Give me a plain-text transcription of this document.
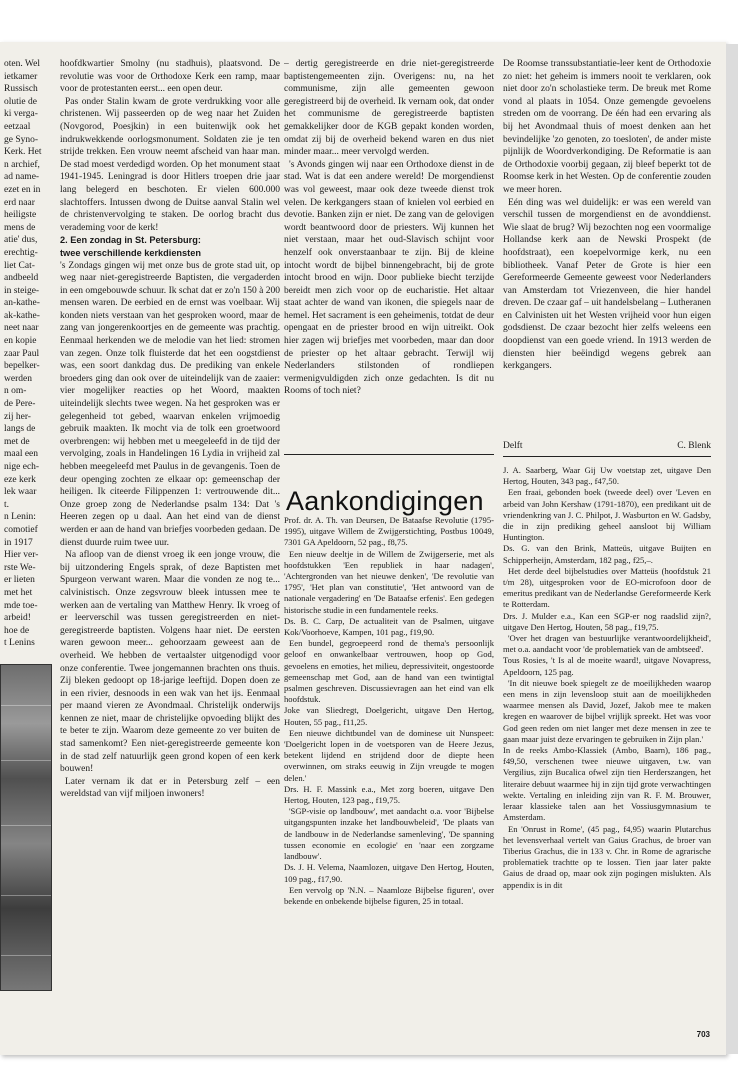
oten. Wel
ietkamer
Russisch
olutie de
ki verga-
eetzaal
ge Syno-
Kerk. Het
n archief,
ad name-
ezet en in
erd naar
heiligste
mens de
atie' dus,
erechtig-
liet Cat-
andbeeld
in steige-
an-kathe-
ak-kathe-
neet naar
en kopie
zaar Paul
bepelker-
werden
n om-
de Pere-
zij her-
langs de
met de
maal een
nige ech-
eze kerk
lek waar
t.
n Lenin:
comotief
in 1917
Hier ver-
rste We-
er lieten
met het
mde toe-
arbeid!
hoe de
t Lenins

hoofdkwartier Smolny (nu stadhuis), plaatsvond. De revolutie was voor de Orthodoxe Kerk een ramp, maar voor de protestanten eerst... een open deur.

Pas onder Stalin kwam de grote verdrukking voor alle christenen. Wij passeerden op de weg naar het Zuiden (Novgorod, Poesjkin) in een buitenwijk ook het indrukwekkende oorlogsmonument. Soldaten zie je ten strijde trekken. Een vrouw neemt afscheid van haar man. De stad moest verdedigd worden. Op het monument staat 1941-1945. Leningrad is door Hitlers troepen drie jaar lang belegerd en beschoten. Er vielen 600.000 slachtoffers. Intussen dwong de Duitse aanval Stalin wel de christenvervolging te staken. De oorlog bracht dus verademing voor de kerk!

2. Een zondag in St. Petersburg:
twee verschillende kerkdiensten

's Zondags gingen wij met onze bus de grote stad uit, op weg naar niet-geregistreerde Baptisten, die vergaderden in een omgebouwde schuur. Ik schat dat er zo'n 150 à 200 mensen waren. De eerbied en de ernst was voelbaar. Wij konden niets verstaan van het gesproken woord, maar de zang van jongerenkoortjes en de gemeente was prachtig. Eenmaal herkenden we de melodie van het lied: stromen van zegen. Onze tolk fluisterde dat het een oogstdienst was, een soort dankdag dus. De prediking van enkele broeders ging dan ook over de uiteindelijk van de zaaier: vier mogelijker reacties op het Woord, maakten uiteindelijk slechts twee wegen. Na het gesproken was er gelegenheid tot gebed, waarvan enkelen vrijmoedig gebruik maakten. Ik mocht via de tolk een groetwoord overbrengen: wij hebben met u meegeleefd in de tijd der vervolging, zoals in Handelingen 16 Lydia in vrijheid zal hebben meegeleefd met Paulus in de gevangenis. Toen de deur openging zochten ze elkaar op: gemeenschap der heiligen. Ik citeerde Filippenzen 1: vertrouwende dit... Onze groep zong de Nederlandse psalm 134: Dat 's Heeren zegen op u daal. Aan het eind van de dienst werden er aan de hand van briefjes voorbeden gedaan. De dienst duurde ruim twee uur.

Na afloop van de dienst vroeg ik een jonge vrouw, die bij uitzondering Engels sprak, of deze Baptisten met Spurgeon verwant waren. Maar die vonden ze nog te... calvinistisch. Onze zegsvrouw bleek intussen mee te werken aan de vertaling van Matthew Henry. Ik vroeg of er leerverschil was tussen geregistreerden en niet-geregistreerde baptisten. Volgens haar niet. De eersten waren gewoon meer... gehoorzaam geweest aan de overheid. We hebben de vertaalster uitgenodigd voor onze conferentie. Twee jongemannen brachten ons thuis. Zij bleken gedoopt op 18-jarige leeftijd. Dopen doen ze in een rivier, desnoods in een wak van het ijs. Eenmaal per maand vieren ze Avondmaal. Christelijk onderwijs kennen ze niet, maar de christelijke opvoeding blijkt des te beter te zijn. Waarom deze gemeente zo ver buiten de stad samenkomt? Een niet-geregistreerde gemeente kon in de stad zelf natuurlijk geen grond kopen of een kerk bouwen!

Later vernam ik dat er in Petersburg zelf – een wereldstad van vijf miljoen inwoners!

– dertig geregistreerde en drie niet-geregistreerde baptistengemeenten zijn. Overigens: nu, na het communisme, zijn alle gemeenten gewoon geregistreerd bij de overheid. Ik vernam ook, dat onder het communisme de geregistreerde baptisten gemakkelijker door de KGB gepakt konden worden, omdat zij bij de overheid bekend waren en dus niet minder maar... meer vervolgd werden.

's Avonds gingen wij naar een Orthodoxe dienst in de stad. Wat is dat een andere wereld! De morgendienst was vol geweest, maar ook deze tweede dienst trok velen. De kerkgangers staan of knielen vol eerbied en devotie. Banken zijn er niet. De zang van de gelovigen wordt beantwoord door de priesters. Wij kunnen het niet verstaan, maar het oud-Slavisch schijnt voor henzelf ook onverstaanbaar te zijn. Bij de kleine intocht wordt de bijbel binnengebracht, bij de grote intocht brood en wijn. Door publieke biecht terzijde bereidt men zich voor op de eucharistie. Het altaar staat achter de wand van ikonen, die spiegels naar de hemel. Het sacrament is een geheimenis, totdat de deur opengaat en de priester brood en wijn uitreikt. Ook hier zagen wij briefjes met voorbeden, maar dan door de priester op het altaar gebracht. Terwijl wij Nederlanders stilstonden of rondliepen vermenigvuldigden zich onze gedachten. Is dit nu Rooms of toch niet?

De Roomse transsubstantiatie-leer kent de Orthodoxie zo niet: het geheim is immers nooit te verklaren, ook niet door zo'n scholastieke term. De breuk met Rome vond al plaats in 1054. Onze gemengde gevoelens streden om de voorrang. De één had een ervaring als bij het Avondmaal thuis of moest denken aan het bevindelijke 'zo genoten, zo toesloten', de ander miste pijnlijk de Woordverkondiging. De Reformatie is aan de Orthodoxie voorbij gegaan, zij bleef beperkt tot de Roomse kerk in het Westen. Op de conferentie zouden we meer horen.

Eén ding was wel duidelijk: er was een wereld van verschil tussen de morgendienst en de avonddienst. Wie slaat de brug? Wij bezochten nog een voormalige Hollandse kerk aan de Newski Prospekt (de hoofdstraat), een koepelvormige kerk, nu een bibliotheek. Vanaf Peter de Grote is hier een Gereformeerde Gemeente geweest voor Nederlanders van Amsterdam tot Vriezenveen, die hier handel dreven. De czaar gaf – uit handelsbelang – Lutheranen en Calvinisten uit het Westen vrijheid voor hun eigen godsdienst. De czaar bezocht hier zelfs weleens een doopdienst van een goede vriend. In 1913 werden de diensten hier beëindigd wegens gebrek aan kerkgangers.

Delft	C. Blenk
Aankondigingen

Prof. dr. A. Th. van Deursen, De Bataafse Revolutie (1795-1995), uitgave Willem de Zwijgerstichting, Postbus 10049, 7301 GA Apeldoorn, 52 pag., f8,75.

Een nieuw deeltje in de Willem de Zwijgerserie, met als hoofdstukken 'Een republiek in haar nadagen', 'Achtergronden van het nieuwe denken', 'De revolutie van 1795', 'Het plan van constitutie', 'Het antwoord van de nationale vergadering' en 'De Bataafse erfenis'. Een gedegen historische studie in een fundamentele reeks.

Ds. B. C. Carp, De actualiteit van de Psalmen, uitgave Kok/Voorhoeve, Kampen, 101 pag., f19,90.

Een bundel, gegroepeerd rond de thema's persoonlijk geloof en onwankelbaar vertrouwen, hoop op God, gevoelens en emoties, het milieu, depressiviteit, ongestoorde gemeenschap met God, aan de hand van een twintigtal psalmen geschreven. Discussievragen aan het eind van elk hoofdstuk.

Joke van Sliedregt, Doelgericht, uitgave Den Hertog, Houten, 55 pag., f11,25.

Een nieuwe dichtbundel van de dominese uit Nunspeet: 'Doelgericht lopen in de voetsporen van de Heere Jezus, betekent lijdend en strijdend door de diepte heen overwinnen, om straks eeuwig in Zijn vreugde te mogen delen.'

Drs. H. F. Massink e.a., Met zorg boeren, uitgave Den Hertog, Houten, 123 pag., f19,75.

'SGP-visie op landbouw', met aandacht o.a. voor 'Bijbelse uitgangspunten inzake het landbouwbeleid', 'De plaats van de landbouw in de Nederlandse samenleving', 'De spanning tussen economie en ecologie' en 'naar een zorgzame landbouw'.

Ds. J. H. Velema, Naamlozen, uitgave Den Hertog, Houten, 109 pag., f17,90.

Een vervolg op 'N.N. – Naamloze Bijbelse figuren', over bekende en onbekende bijbelse figuren, 25 in totaal.

J. A. Saarberg, Waar Gij Uw voetstap zet, uitgave Den Hertog, Houten, 343 pag., f47,50.

Een fraai, gebonden boek (tweede deel) over 'Leven en arbeid van John Kershaw (1791-1870), een predikant uit de vriendenkring van J. C. Philpot, J. Wasburton en W. Gadsby, die in zijn prediking geheel aansloot bij William Huntington.

Ds. G. van den Brink, Matteüs, uitgave Buijten en Schipperheijn, Amsterdam, 182 pag., f25,–.

Het derde deel bijbelstudies over Matteüs (hoofdstuk 21 t/m 28), uitgesproken voor de EO-microfoon door de emeritus predikant van de Nederlandse Gereformeerde Kerk te Rotterdam.

Drs. J. Mulder e.a., Kan een SGP-er nog raadslid zijn?, uitgave Den Hertog, Houten, 58 pag., f19,75.

'Over het dragen van bestuurlijke verantwoordelijkheid', met o.a. aandacht voor 'de problematiek van de ambtseed'.

Tous Rosies, 't Is al de moeite waard!, uitgave Novapress, Apeldoorn, 125 pag.

'In dit nieuwe boek spiegelt ze de moeilijkheden waarop een mens in zijn levensloop stuit aan de moeilijkheden waarmee mensen als David, Jozef, Jakob mee te maken kregen en waarover de bijbel vrijlijk spreekt. Het was voor God geen reden om niet langer met deze mensen in zee te gaan maar juist deze ervaringen te gebruiken in Zijn plan.'

In de reeks Ambo-Klassiek (Ambo, Baarn), 186 pag., f49,50, verschenen twee nieuwe uitgaven, t.w. van Vergilius, zijn Bucalica ofwel zijn tien Herderszangen, het literaire debuut waarmee hij in zijn tijd grote verwachtingen wekte. Vertaling en inleiding zijn van R. F. M. Brouwer, leraar klassieke talen aan het Vossiusgymnasium te Amsterdam.

En 'Onrust in Rome', (45 pag., f4,95) waarin Plutarchus het levensverhaal vertelt van Gaius Grachus, de broer van Tiberius Grachus, die in 133 v. Chr. in Rome de agrarische problematiek trachtte op te lossen. Tien jaar later pakte Gaius de draad op, maar ook zijn pogingen mislukten. Als appendix is in dit

703
